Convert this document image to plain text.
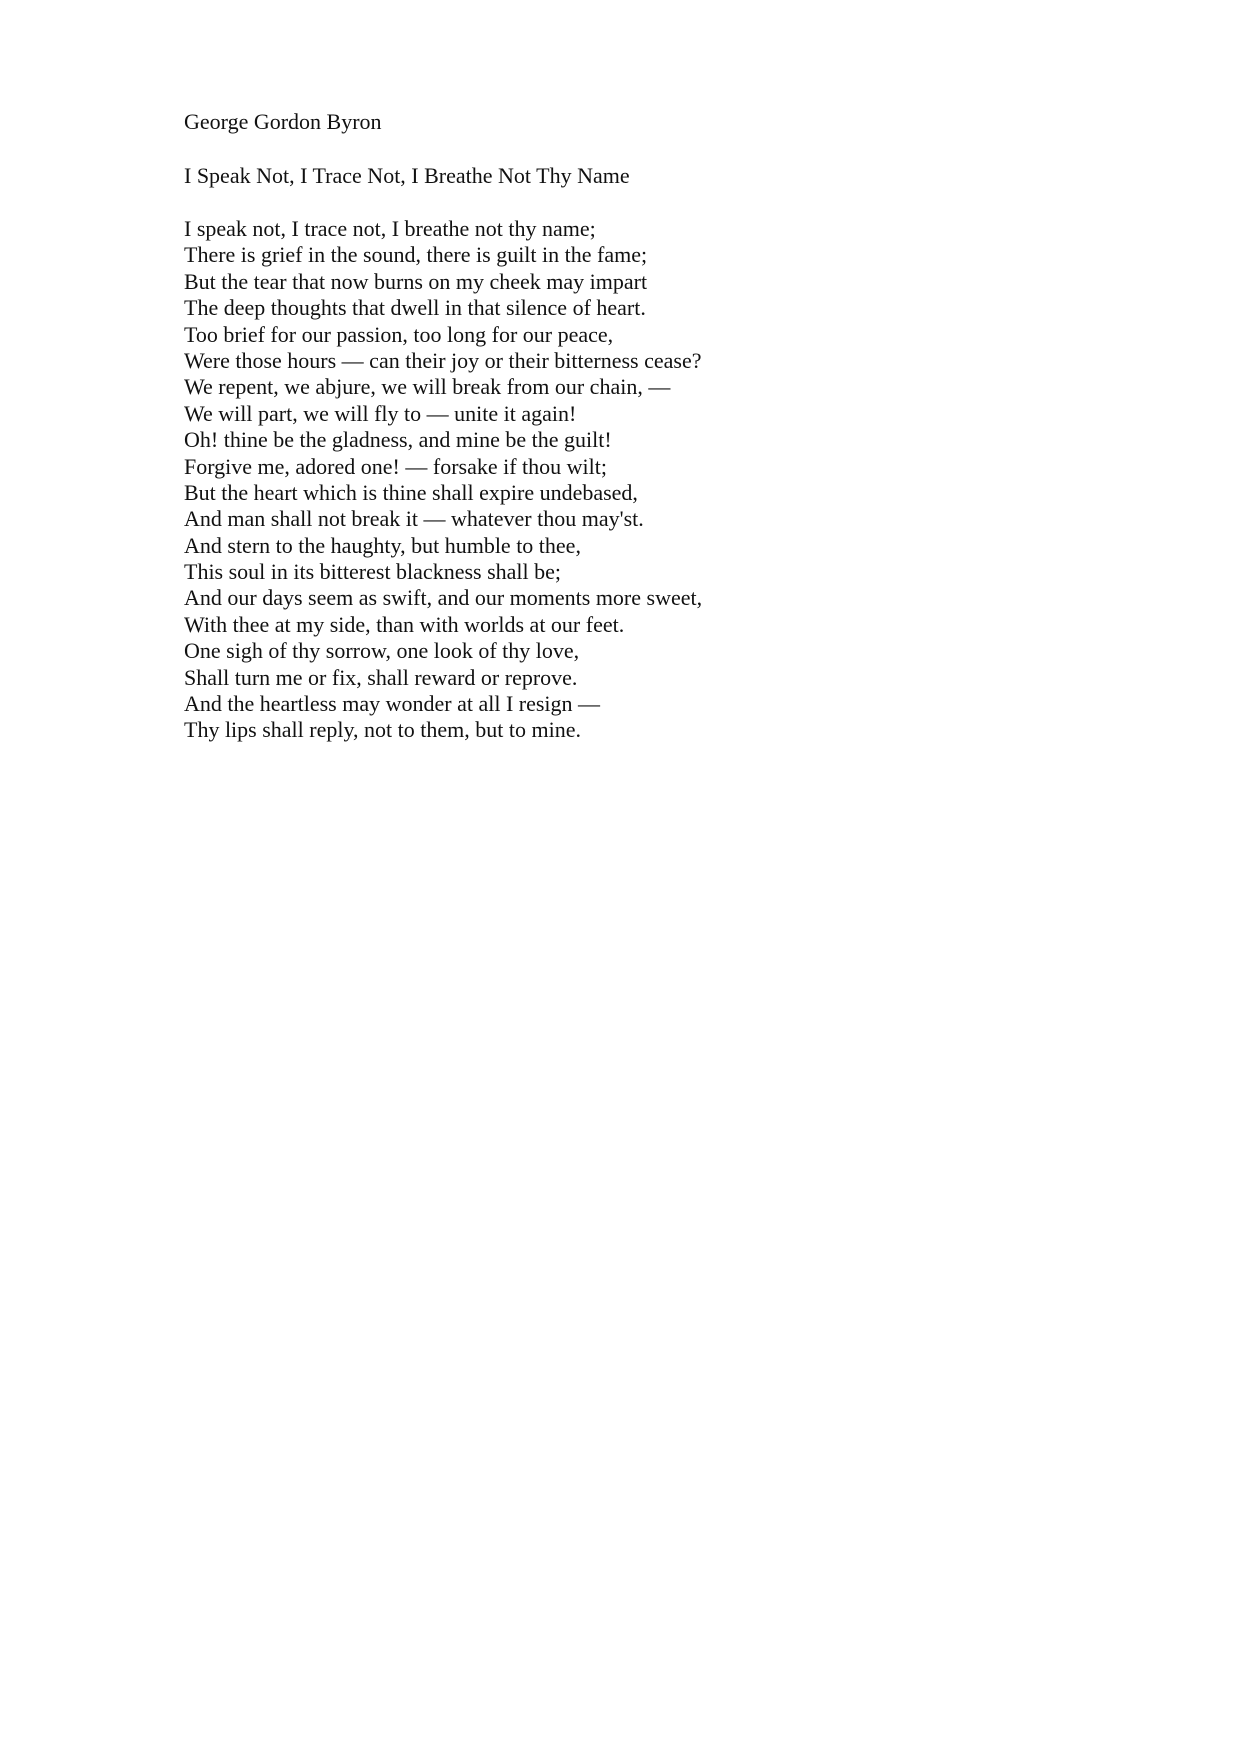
George Gordon Byron
I Speak Not, I Trace Not, I Breathe Not Thy Name
I speak not, I trace not, I breathe not thy name;
There is grief in the sound, there is guilt in the fame;
But the tear that now burns on my cheek may impart
The deep thoughts that dwell in that silence of heart.
Too brief for our passion, too long for our peace,
Were those hours — can their joy or their bitterness cease?
We repent, we abjure, we will break from our chain, —
We will part, we will fly to — unite it again!
Oh! thine be the gladness, and mine be the guilt!
Forgive me, adored one! — forsake if thou wilt;
But the heart which is thine shall expire undebased,
And man shall not break it — whatever thou may'st.
And stern to the haughty, but humble to thee,
This soul in its bitterest blackness shall be;
And our days seem as swift, and our moments more sweet,
With thee at my side, than with worlds at our feet.
One sigh of thy sorrow, one look of thy love,
Shall turn me or fix, shall reward or reprove.
And the heartless may wonder at all I resign —
Thy lips shall reply, not to them, but to mine.
